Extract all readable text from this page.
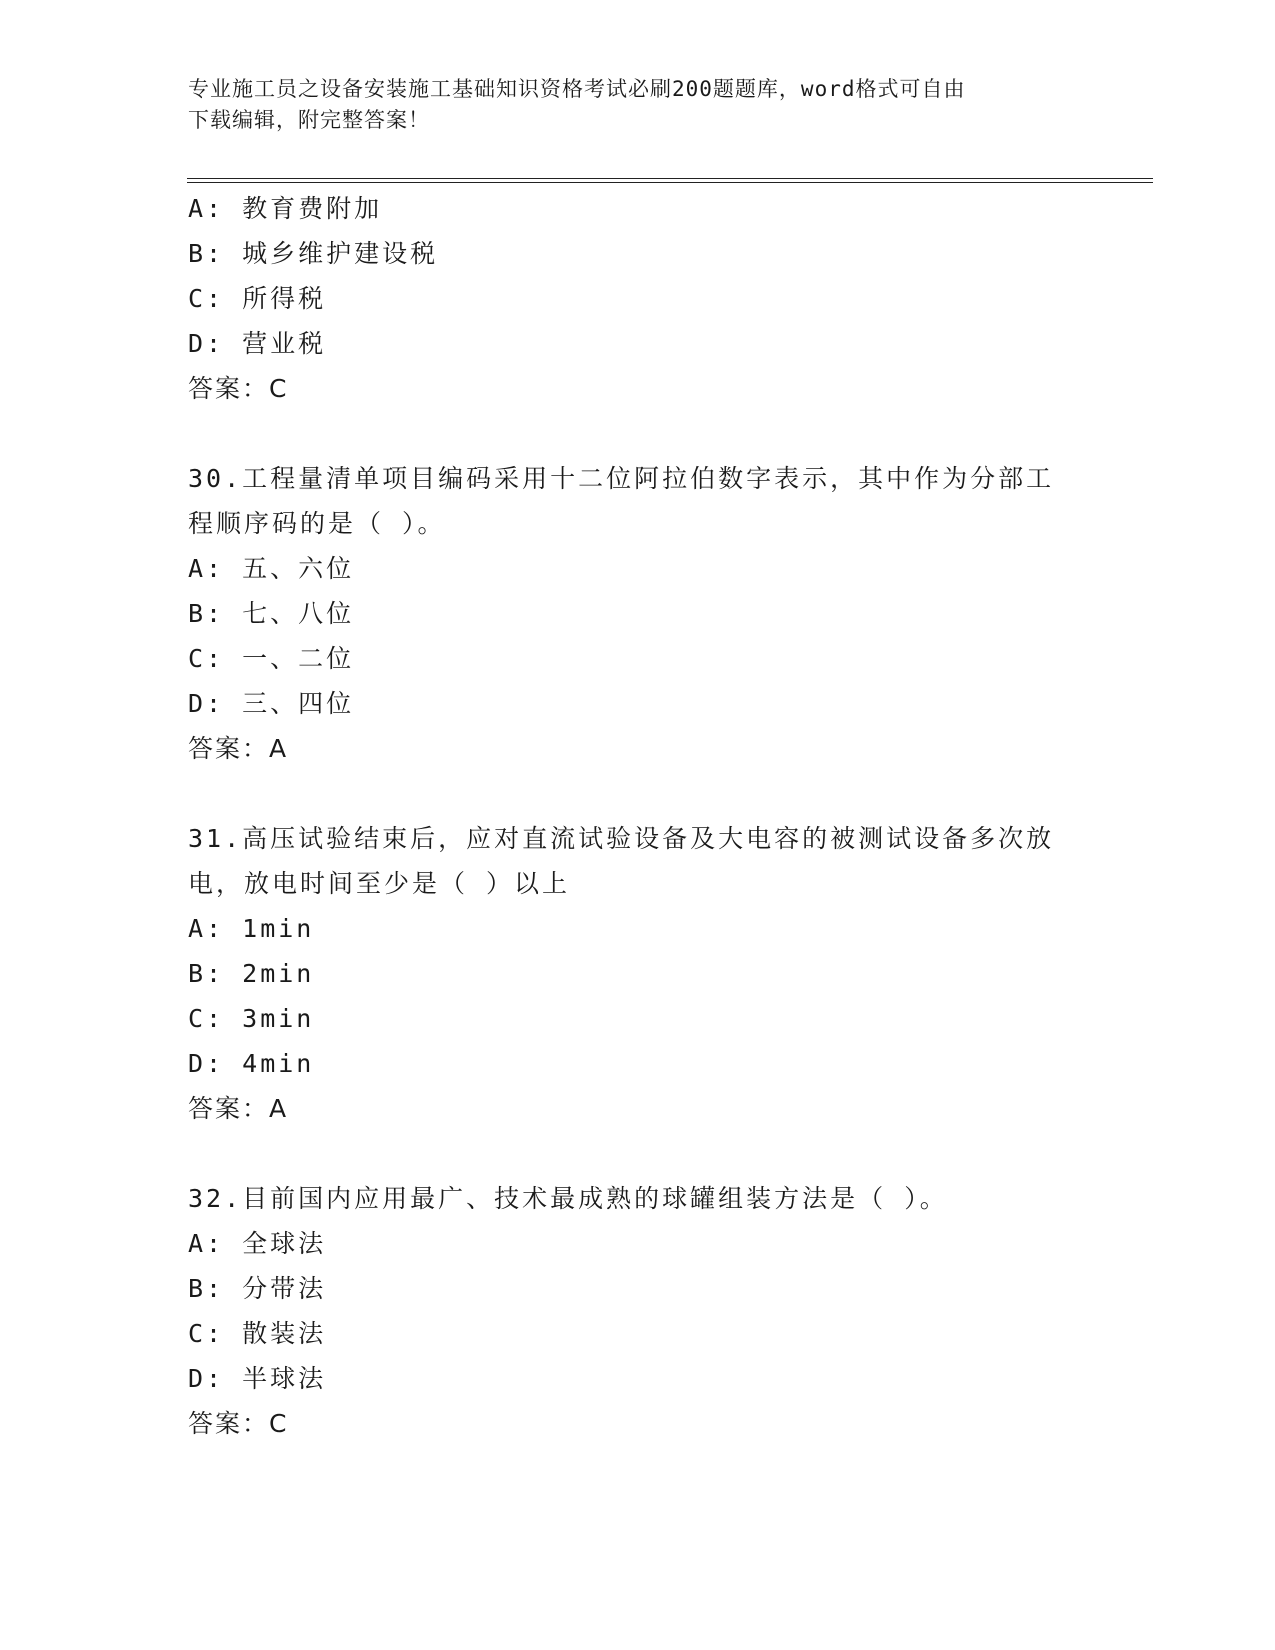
专业施工员之设备安装施工基础知识资格考试必刷200题题库，word格式可自由
下载编辑，附完整答案！

A: 教育费附加

B: 城乡维护建设税

C: 所得税

D: 营业税

答案：C

30.工程量清单项目编码采用十二位阿拉伯数字表示，其中作为分部工

程顺序码的是（ ）。

A: 五、六位

B: 七、八位

C: 一、二位

D: 三、四位

答案：A

31.高压试验结束后，应对直流试验设备及大电容的被测试设备多次放

电，放电时间至少是（ ）以上

A: 1min

B: 2min

C: 3min

D: 4min

答案：A

32.目前国内应用最广、技术最成熟的球罐组装方法是（ ）。

A: 全球法

B: 分带法

C: 散装法

D: 半球法

答案：C
